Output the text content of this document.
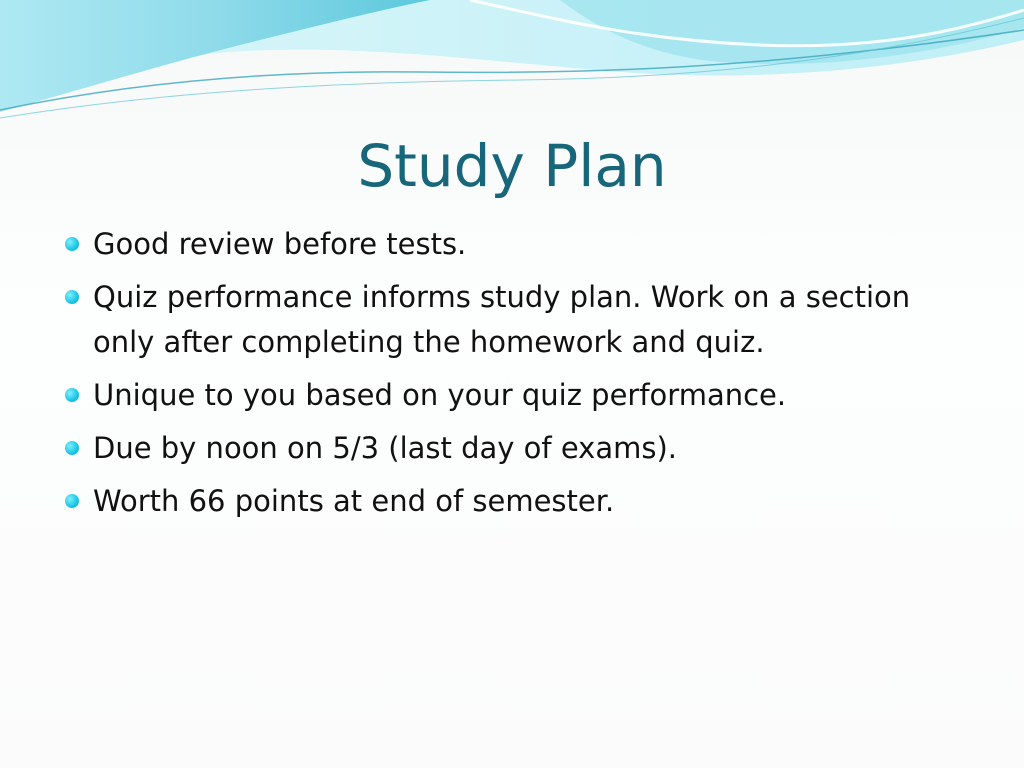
Study Plan
Good review before tests.
Quiz performance informs study plan. Work on a section only after completing the homework and quiz.
Unique to you based on your quiz performance.
Due by noon on 5/3 (last day of exams).
Worth 66 points at end of semester.
